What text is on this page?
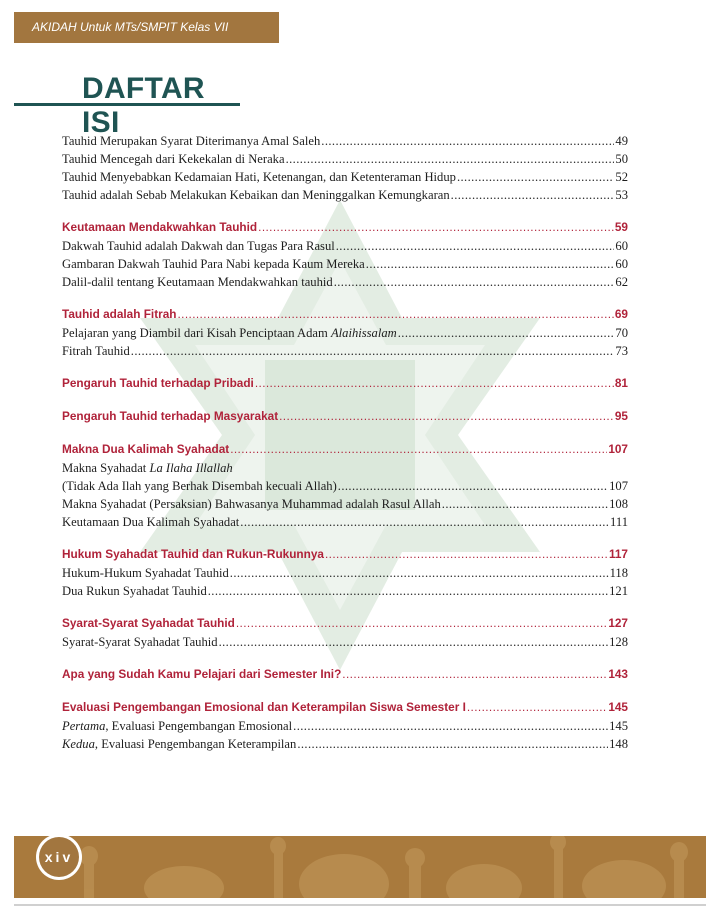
AKIDAH Untuk MTs/SMPIT Kelas VII
DAFTAR ISI
Tauhid Merupakan Syarat Diterimanya Amal Saleh .....	49
Tauhid Mencegah dari Kekekalan di Neraka .....	50
Tauhid Menyebabkan Kedamaian Hati, Ketenangan, dan Ketenteraman Hidup .....	52
Tauhid adalah Sebab Melakukan Kebaikan dan Meninggalkan Kemungkaran .....	53
Keutamaan Mendakwahkan Tauhid .....	59
Dakwah Tauhid adalah Dakwah dan Tugas Para Rasul .....	60
Gambaran Dakwah Tauhid Para Nabi kepada Kaum Mereka .....	60
Dalil-dalil tentang Keutamaan Mendakwahkan tauhid .....	62
Tauhid adalah Fitrah .....	69
Pelajaran yang Diambil dari Kisah Penciptaan Adam Alaihissalam .....	70
Fitrah Tauhid .....	73
Pengaruh Tauhid terhadap Pribadi .....	81
Pengaruh Tauhid terhadap Masyarakat .....	95
Makna Dua Kalimah Syahadat .....	107
Makna Syahadat La Ilaha Illallah
(Tidak Ada Ilah yang Berhak Disembah kecuali Allah) .....	107
Makna Syahadat (Persaksian) Bahwasanya Muhammad adalah Rasul Allah .....	108
Keutamaan Dua Kalimah Syahadat .....	111
Hukum Syahadat Tauhid dan Rukun-Rukunnya .....	117
Hukum-Hukum Syahadat Tauhid .....	118
Dua Rukun Syahadat Tauhid .....	121
Syarat-Syarat Syahadat Tauhid .....	127
Syarat-Syarat Syahadat Tauhid .....	128
Apa yang Sudah Kamu Pelajari dari Semester Ini? .....	143
Evaluasi Pengembangan Emosional dan Keterampilan Siswa Semester I .....	145
Pertama, Evaluasi Pengembangan Emosional .....	145
Kedua, Evaluasi Pengembangan Keterampilan .....	148
xiv
